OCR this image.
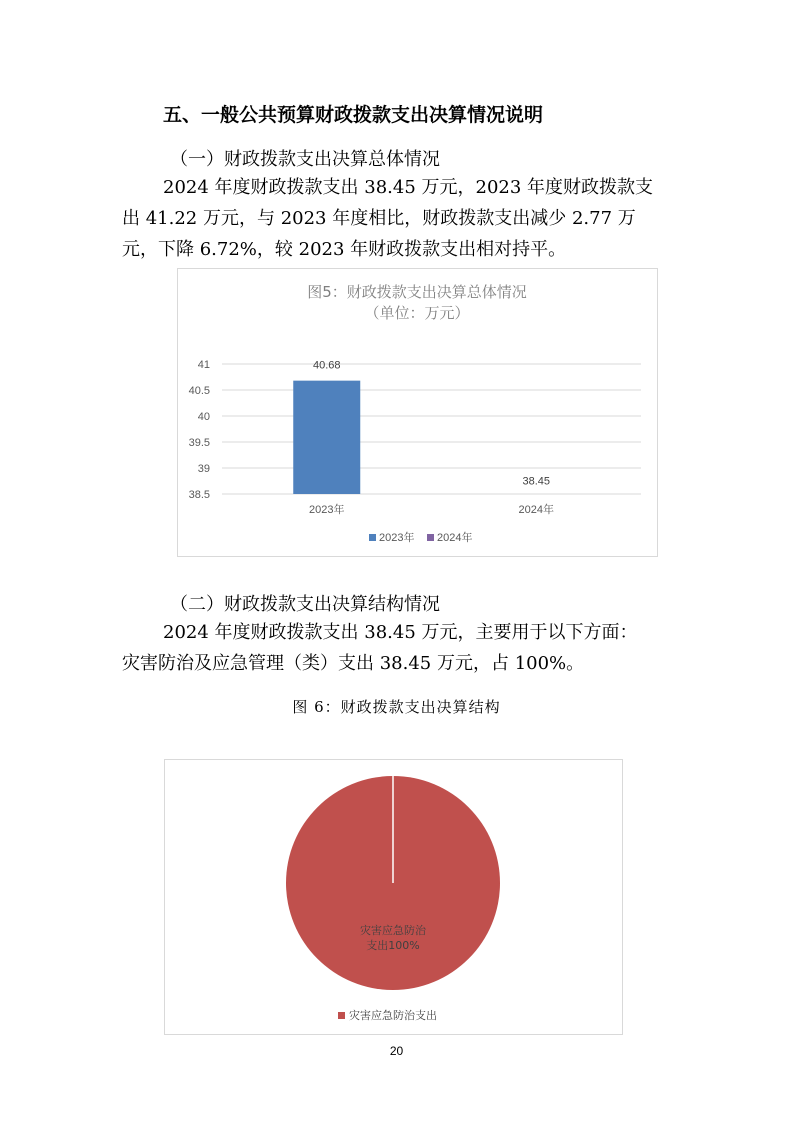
五、一般公共预算财政拨款支出决算情况说明
（一）财政拨款支出决算总体情况
2024 年度财政拨款支出 38.45 万元，2023 年度财政拨款支
出 41.22 万元，与 2023 年度相比，财政拨款支出减少 2.77 万
元，下降 6.72%，较 2023 年财政拨款支出相对持平。
图5：财政拨款支出决算总体情况
（单位：万元）
41
40.5
40
39.5
39
38.5
40.68
38.45
2023年	2024年
2023年 2024年
（二）财政拨款支出决算结构情况
2024 年度财政拨款支出 38.45 万元，主要用于以下方面：
灾害防治及应急管理（类）支出 38.45 万元，占 100%。
图 6：财政拨款支出决算结构
灾害应急防治
支出100%
灾害应急防治支出
20
